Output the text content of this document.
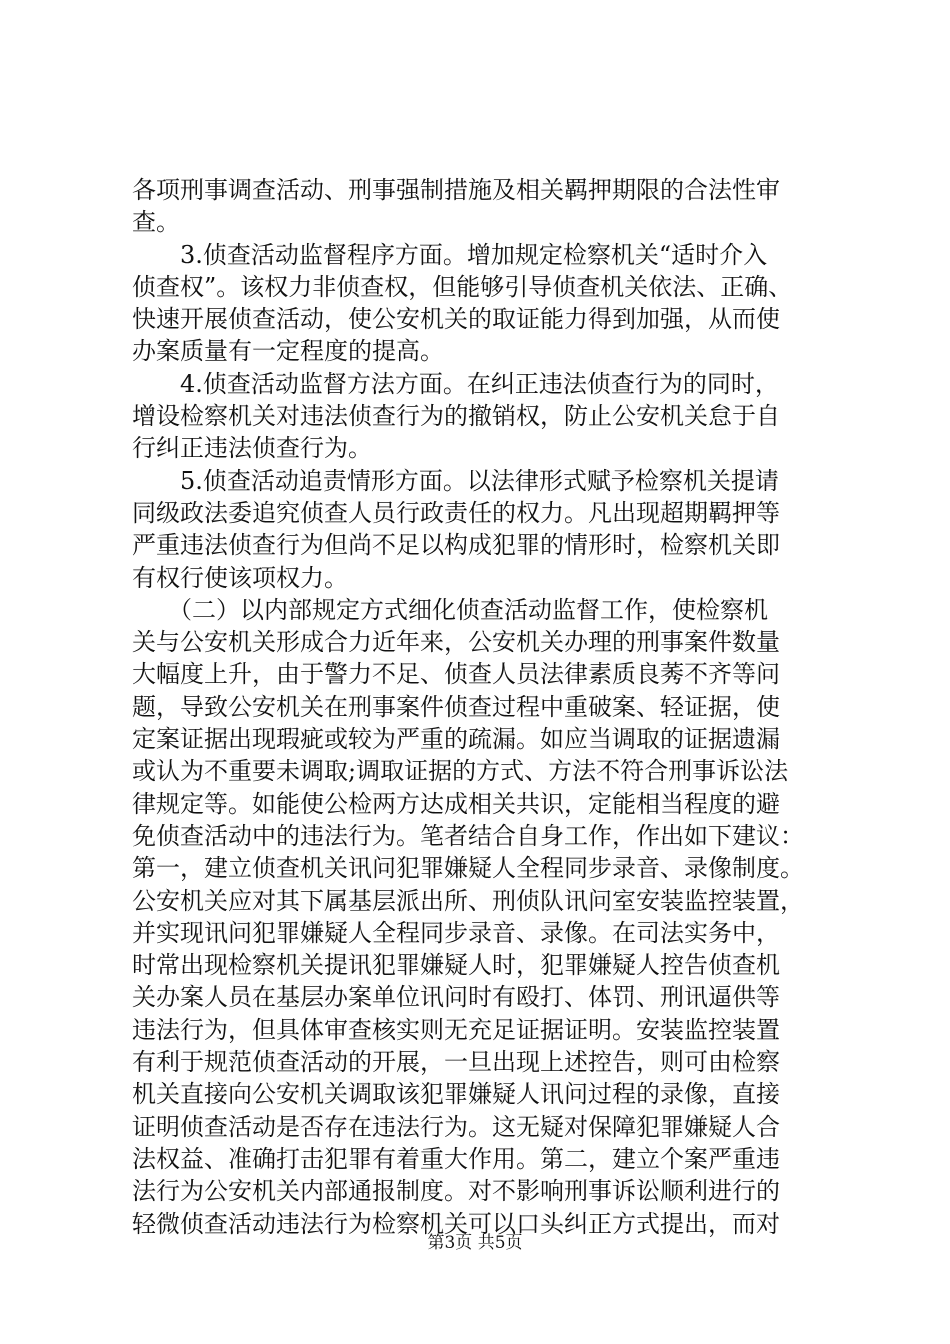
各项刑事调查活动、刑事强制措施及相关羁押期限的合法性审
查。
　　3.侦查活动监督程序方面。增加规定检察机关“适时介入
侦查权”。该权力非侦查权，但能够引导侦查机关依法、正确、
快速开展侦查活动，使公安机关的取证能力得到加强，从而使
办案质量有一定程度的提高。
　　4.侦查活动监督方法方面。在纠正违法侦查行为的同时，
增设检察机关对违法侦查行为的撤销权，防止公安机关怠于自
行纠正违法侦查行为。
　　5.侦查活动追责情形方面。以法律形式赋予检察机关提请
同级政法委追究侦查人员行政责任的权力。凡出现超期羁押等
严重违法侦查行为但尚不足以构成犯罪的情形时，检察机关即
有权行使该项权力。
　　（二）以内部规定方式细化侦查活动监督工作，使检察机
关与公安机关形成合力近年来，公安机关办理的刑事案件数量
大幅度上升，由于警力不足、侦查人员法律素质良莠不齐等问
题，导致公安机关在刑事案件侦查过程中重破案、轻证据，使
定案证据出现瑕疵或较为严重的疏漏。如应当调取的证据遗漏
或认为不重要未调取;调取证据的方式、方法不符合刑事诉讼法
律规定等。如能使公检两方达成相关共识，定能相当程度的避
免侦查活动中的违法行为。笔者结合自身工作，作出如下建议：
第一，建立侦查机关讯问犯罪嫌疑人全程同步录音、录像制度。
公安机关应对其下属基层派出所、刑侦队讯问室安装监控装置，
并实现讯问犯罪嫌疑人全程同步录音、录像。在司法实务中，
时常出现检察机关提讯犯罪嫌疑人时，犯罪嫌疑人控告侦查机
关办案人员在基层办案单位讯问时有殴打、体罚、刑讯逼供等
违法行为，但具体审查核实则无充足证据证明。安装监控装置
有利于规范侦查活动的开展，一旦出现上述控告，则可由检察
机关直接向公安机关调取该犯罪嫌疑人讯问过程的录像，直接
证明侦查活动是否存在违法行为。这无疑对保障犯罪嫌疑人合
法权益、准确打击犯罪有着重大作用。第二，建立个案严重违
法行为公安机关内部通报制度。对不影响刑事诉讼顺利进行的
轻微侦查活动违法行为检察机关可以口头纠正方式提出，而对
第3页 共5页
